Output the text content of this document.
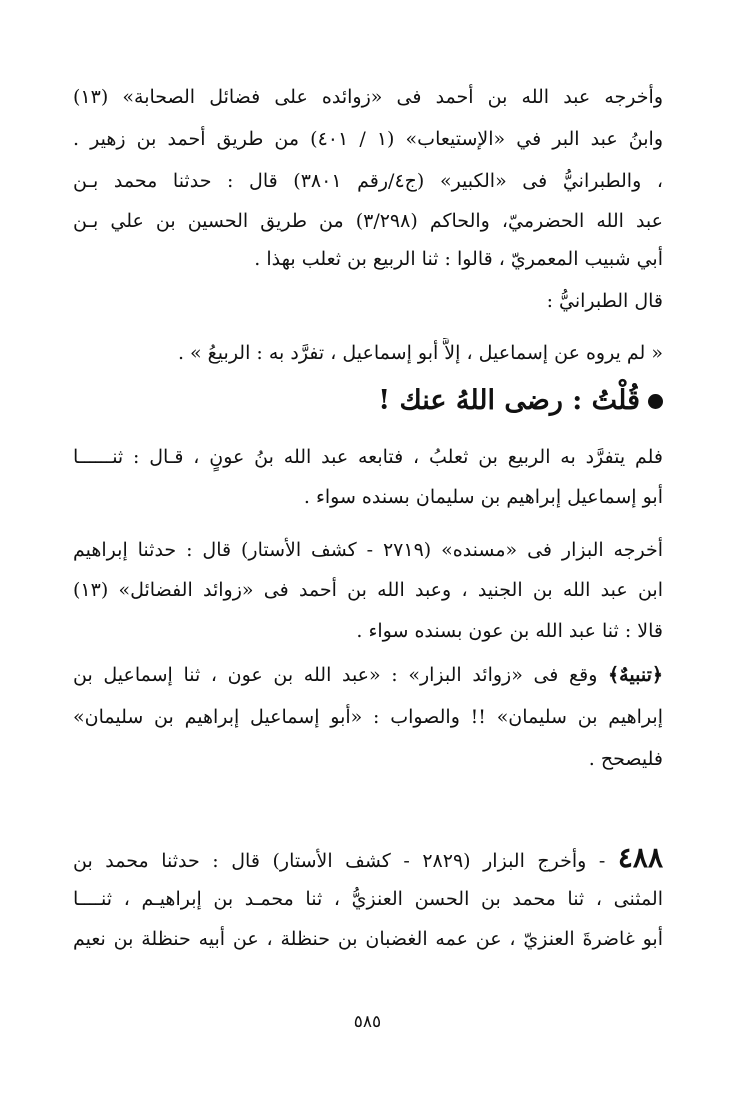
وأخرجه عبد الله بن أحمد فى «زوائده على فضائل الصحابة» (١٣)
وابنُ عبد البر في «الإستيعاب» (١ / ٤٠١) من طريق أحمد بن زهير .
، والطبرانيُّ فى «الكبير» (ج٤/رقم ٣٨٠١) قال : حدثنا محمد بـن
عبد الله الحضرميّ، والحاكم (٣/٢٩٨) من طريق الحسين بن علي بـن
أبي شبيب المعمريّ ، قالوا : ثنا الربيع بن ثعلب بهذا .
قال الطبرانيُّ :
« لم يروه عن إسماعيل ، إلاَّ أبو إسماعيل ، تفرَّد به : الربيعُ » .
قُلْتُ : رضى اللهُ عنك !
فلم يتفرَّد به الربيع بن ثعلبُ ، فتابعه عبد الله بنُ عونٍ ، قـال : ثنــــــا
أبو إسماعيل إبراهيم بن سليمان بسنده سواء .
أخرجه البزار فى «مسنده» (٢٧١٩ - كشف الأستار) قال : حدثنا إبراهيم
ابن عبد الله بن الجنيد ، وعبد الله بن أحمد فى «زوائد الفضائل» (١٣)
قالا : ثنا عبد الله بن عون بسنده سواء .
﴿تنبيهٌ﴾ وقع فى «زوائد البزار» : «عبد الله بن عون ، ثنا إسماعيل بن
إبراهيم بن سليمان» !! والصواب : «أبو إسماعيل إبراهيم بن سليمان»
فليصحح .
٤٨٨ - وأخرج البزار (٢٨٢٩ - كشف الأستار) قال : حدثنا محمد بن
المثنى ، ثنا محمد بن الحسن العنزيُّ ، ثنا محمـد بن إبراهيـم ، ثنــــا
أبو غاضرةَ العنزيّ ، عن عمه الغضبان بن حنظلة ، عن أبيه حنظلة بن نعيم
٥٨٥
